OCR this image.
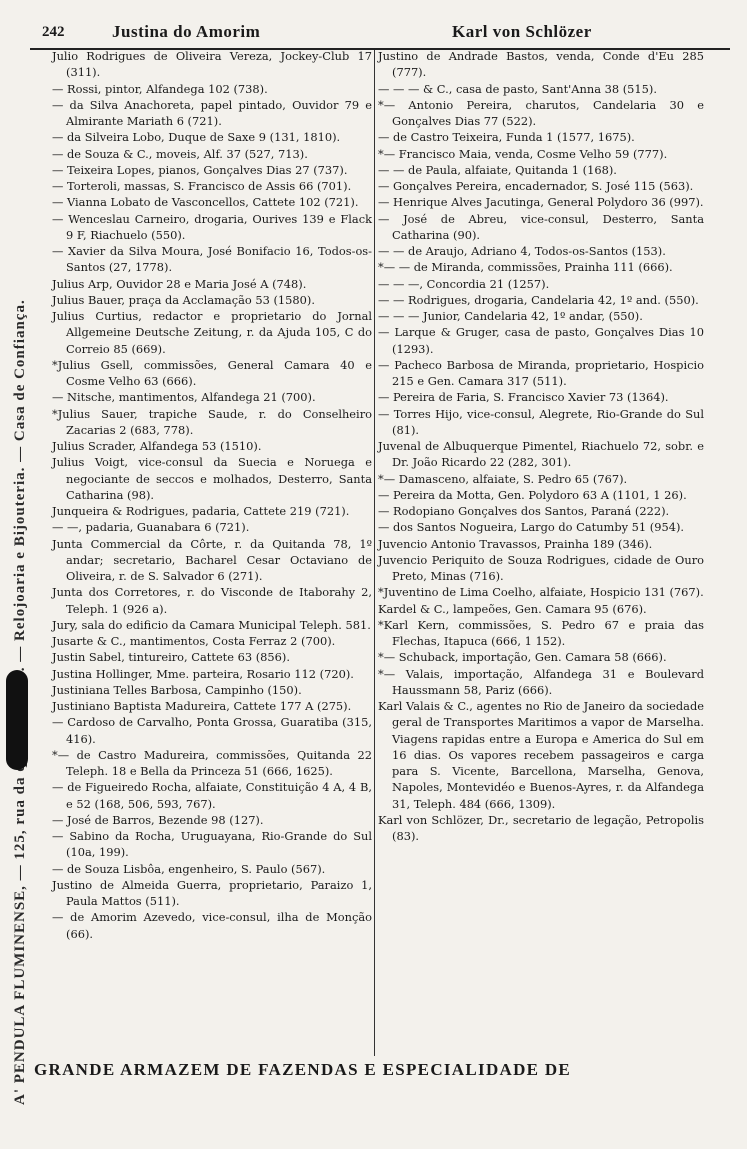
242	Justina do Amorim	Karl von Schlözer

Julio Rodrigues de Oliveira Vereza, Jockey-Club 17 (311).

— Rossi, pintor, Alfandega 102 (738).

— da Silva Anachoreta, papel pintado, Ouvidor 79 e Almirante Mariath 6 (721).

— da Silveira Lobo, Duque de Saxe 9 (131, 1810).

— de Souza & C., moveis, Alf. 37 (527, 713).

— Teixeira Lopes, pianos, Gonçalves Dias 27 (737).

— Torteroli, massas, S. Francisco de Assis 66 (701).

— Vianna Lobato de Vasconcellos, Cattete 102 (721).

— Wenceslau Carneiro, drogaria, Ourives 139 e Flack 9 F, Riachuelo (550).

— Xavier da Silva Moura, José Bonifacio 16, Todos-os-Santos (27, 1778).

Julius Arp, Ouvidor 28 e Maria José A (748).

Julius Bauer, praça da Acclamação 53 (1580).

Julius Curtius, redactor e proprietario do Jornal Allgemeine Deutsche Zeitung, r. da Ajuda 105, C do Correio 85 (669).

*Julius Gsell, commissões, General Camara 40 e Cosme Velho 63 (666).

— Nitsche, mantimentos, Alfandega 21 (700).

*Julius Sauer, trapiche Saude, r. do Conselheiro Zacarias 2 (683, 778).

Julius Scrader, Alfandega 53 (1510).

Julius Voigt, vice-consul da Suecia e Noruega e negociante de seccos e molhados, Desterro, Santa Catharina (98).

Junqueira & Rodrigues, padaria, Cattete 219 (721).

— —, padaria, Guanabara 6 (721).

Junta Commercial da Côrte, r. da Quitanda 78, 1º andar; secretario, Bacharel Cesar Octaviano de Oliveira, r. de S. Salvador 6 (271).

Junta dos Corretores, r. do Visconde de Itaborahy 2, Teleph. 1 (926 a).

Jury, sala do edificio da Camara Municipal Teleph. 581.

Jusarte & C., mantimentos, Costa Ferraz 2 (700).

Justin Sabel, tintureiro, Cattete 63 (856).

Justina Hollinger, Mme. parteira, Rosario 112 (720).

Justiniana Telles Barbosa, Campinho (150).

Justiniano Baptista Madureira, Cattete 177 A (275).

— Cardoso de Carvalho, Ponta Grossa, Guaratiba (315, 416).

*— de Castro Madureira, commissões, Quitanda 22 Teleph. 18 e Bella da Princeza 51 (666, 1625).

— de Figueiredo Rocha, alfaiate, Constituição 4 A, 4 B, e 52 (168, 506, 593, 767).

— José de Barros, Bezende 98 (127).

— Sabino da Rocha, Uruguayana, Rio-Grande do Sul (10a, 199).

— de Souza Lisbôa, engenheiro, S. Paulo (567).

Justino de Almeida Guerra, proprietario, Paraizo 1, Paula Mattos (511).

— de Amorim Azevedo, vice-consul, ilha de Monção (66).

Justino de Andrade Bastos, venda, Conde d'Eu 285 (777).

— — — & C., casa de pasto, Sant'Anna 38 (515).

*— Antonio Pereira, charutos, Candelaria 30 e Gonçalves Dias 77 (522).

— de Castro Teixeira, Funda 1 (1577, 1675).

*— Francisco Maia, venda, Cosme Velho 59 (777).

— — de Paula, alfaiate, Quitanda 1 (168).

— Gonçalves Pereira, encadernador, S. José 115 (563).

— Henrique Alves Jacutinga, General Polydoro 36 (997).

— José de Abreu, vice-consul, Desterro, Santa Catharina (90).

— — de Araujo, Adriano 4, Todos-os-Santos (153).

*— — de Miranda, commissões, Prainha 111 (666).

— — —, Concordia 21 (1257).

— — Rodrigues, drogaria, Candelaria 42, 1º and. (550).

— — — Junior, Candelaria 42, 1º andar, (550).

— Larque & Gruger, casa de pasto, Gonçalves Dias 10 (1293).

— Pacheco Barbosa de Miranda, proprietario, Hospicio 215 e Gen. Camara 317 (511).

— Pereira de Faria, S. Francisco Xavier 73 (1364).

— Torres Hijo, vice-consul, Alegrete, Rio-Grande do Sul (81).

Juvenal de Albuquerque Pimentel, Riachuelo 72, sobr. e Dr. João Ricardo 22 (282, 301).

*— Damasceno, alfaiate, S. Pedro 65 (767).

— Pereira da Motta, Gen. Polydoro 63 A (1101, 1 26).

— Rodopiano Gonçalves dos Santos, Paraná (222).

— dos Santos Nogueira, Largo do Catumby 51 (954).

Juvencio Antonio Travassos, Prainha 189 (346).

Juvencio Periquito de Souza Rodrigues, cidade de Ouro Preto, Minas (716).

*Juventino de Lima Coelho, alfaiate, Hospicio 131 (767).

Kardel & C., lampeões, Gen. Camara 95 (676).

*Karl Kern, commissões, S. Pedro 67 e praia das Flechas, Itapuca (666, 1 152).

*— Schuback, importação, Gen. Camara 58 (666).

*— Valais, importação, Alfandega 31 e Boulevard Haussmann 58, Pariz (666).

Karl Valais & C., agentes no Rio de Janeiro da sociedade geral de Transportes Maritimos a vapor de Marselha. Viagens rapidas entre a Europa e America do Sul em 16 dias. Os vapores recebem passageiros e carga para S. Vicente, Barcellona, Marselha, Genova, Napoles, Montevidéo e Buenos-Ayres, r. da Alfandega 31, Teleph. 484 (666, 1309).

Karl von Schlözer, Dr., secretario de legação, Petropolis (83).

GRANDE ARMAZEM DE FAZENDAS E ESPECIALIDADE DE
